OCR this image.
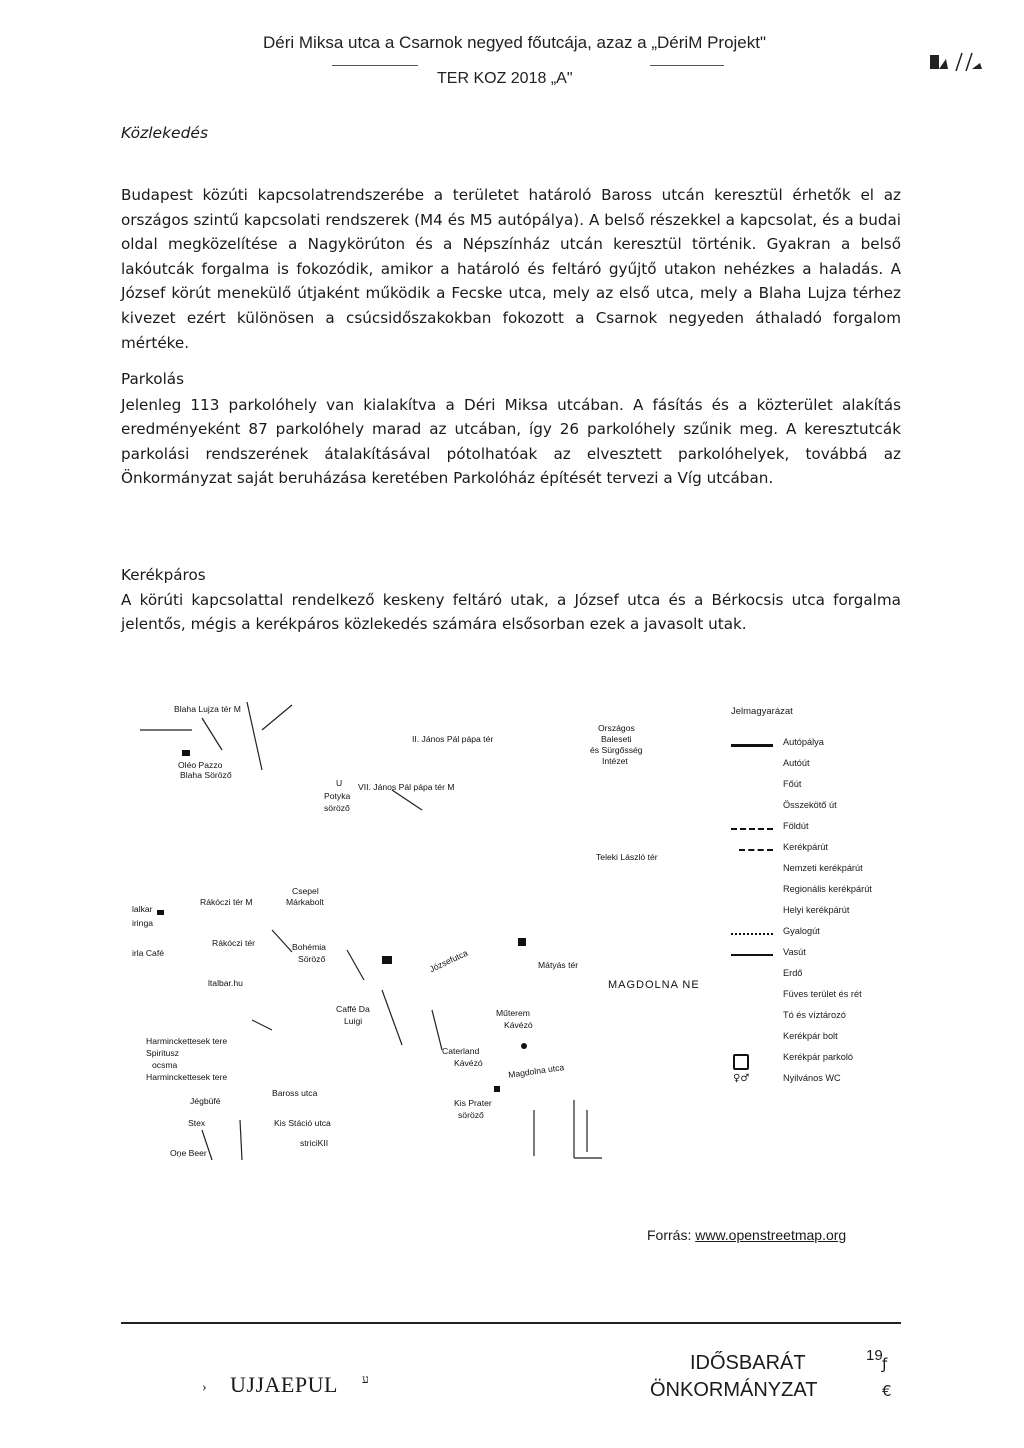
Déri Miksa utca a Csarnok negyed főutcája, azaz a „DériM Projekt"
TER KOZ 2018 „A"
Közlekedés

Budapest közúti kapcsolatrendszerébe a területet határoló Baross utcán keresztül érhetők el az országos szintű kapcsolati rendszerek (M4 és M5 autópálya). A belső részekkel a kapcsolat, és a budai oldal megközelítése a Nagykörúton és a Népszínház utcán keresztül történik. Gyakran a belső lakóutcák forgalma is fokozódik, amikor a határoló és feltáró gyűjtő utakon nehézkes a haladás. A József körút menekülő útjaként működik a Fecske utca, mely az első utca, mely a Blaha Lujza térhez kivezet ezért különösen a csúcsidőszakokban fokozott a Csarnok negyeden áthaladó forgalom mértéke.

Parkolás

Jelenleg 113 parkolóhely van kialakítva a Déri Miksa utcában. A fásítás és a közterület alakítás eredményeként 87 parkolóhely marad az utcában, így 26 parkolóhely szűnik meg. A keresztutcák parkolási rendszerének átalakításával pótolhatóak az elvesztett parkolóhelyek, továbbá az Önkormányzat saját beruházása keretében Parkolóház építését tervezi a Víg utcában.

Kerékpáros

A körúti kapcsolattal rendelkező keskeny feltáró utak, a József utca és a Bérkocsis utca forgalma jelentős, mégis a kerékpáros közlekedés számára elsősorban ezek a javasolt utak.

Blaha Lujza tér M
Oléo Pazzo
Blaha Söröző
II. János Pál pápa tér
Országos
Baleseti
és Sürgősség
Intézet
U
Potyka
söröző
VII. János Pál pápa tér M
Teleki László tér
Csepel
Rákóczi tér M	Márkabolt
Rákóczi tér	Bohémia
Söröző
ltalbar.hu
Józsefutca	Mátyás tér
MAGDOLNA NE
Caffé Da
Luigi
Műterem
Kávézó
Harminckettesek tere
Spiritusz
ocsma
Harminckettesek tere
Caterland
Kávézó
Jégbüfé
Baross utca
Magdolna utca
Kis Prater
söröző
Stex	Kis Stáció utca
Oņe Beer
striciKII
lalkar
iringa
irla Café
Jelmagyarázat
Autópálya
Autóút
Főút
Összekötő út
Földút
Kerékpárút
Nemzeti kerékpárút
Regionális kerékpárút
Helyi kerékpárút
Gyalogút
Vasút
Erdő
Füves terület és rét
Tó és víztározó
Kerékpár bolt
Kerékpár parkoló
♀♂	Nyilvános WC
Forrás: www.openstreetmap.org
19
› UJJAEPUL ע
IDŐSBARÁT
ÖNKORMÁNYZAT
ƒ
€
